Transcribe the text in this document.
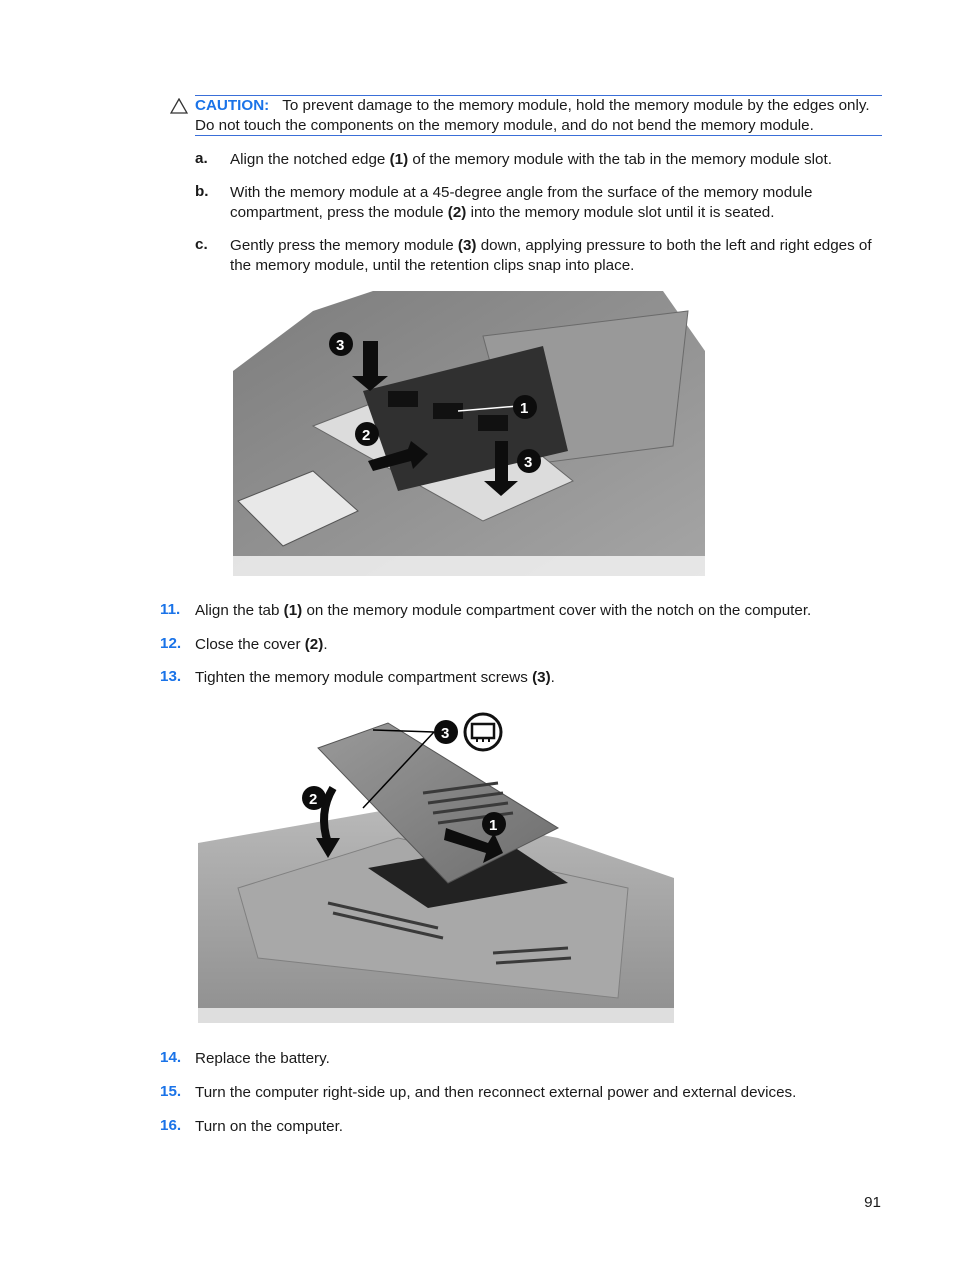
CAUTION: To prevent damage to the memory module, hold the memory module by the edges only. Do not touch the components on the memory module, and do not bend the memory module.
a. Align the notched edge (1) of the memory module with the tab in the memory module slot.
b. With the memory module at a 45-degree angle from the surface of the memory module compartment, press the module (2) into the memory module slot until it is seated.
c. Gently press the memory module (3) down, applying pressure to both the left and right edges of the memory module, until the retention clips snap into place.
3
1
2
3
11. Align the tab (1) on the memory module compartment cover with the notch on the computer.
12. Close the cover (2).
13. Tighten the memory module compartment screws (3).
3
2
1
14. Replace the battery.
15. Turn the computer right-side up, and then reconnect external power and external devices.
16. Turn on the computer.
91
